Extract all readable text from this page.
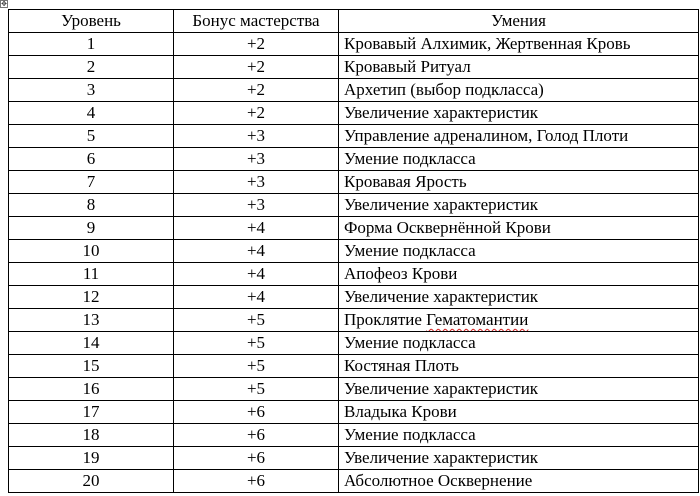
✥
Уровень	Бонус мастерства	Умения
1	+2	Кровавый Алхимик, Жертвенная Кровь
2	+2	Кровавый Ритуал
3	+2	Архетип (выбор подкласса)
4	+2	Увеличение характеристик
5	+3	Управление адреналином, Голод Плоти
6	+3	Умение подкласса
7	+3	Кровавая Ярость
8	+3	Увеличение характеристик
9	+4	Форма Осквернённой Крови
10	+4	Умение подкласса
11	+4	Апофеоз Крови
12	+4	Увеличение характеристик
13	+5	Проклятие Гематомантии
14	+5	Умение подкласса
15	+5	Костяная Плоть
16	+5	Увеличение характеристик
17	+6	Владыка Крови
18	+6	Умение подкласса
19	+6	Увеличение характеристик
20	+6	Абсолютное Осквернение
